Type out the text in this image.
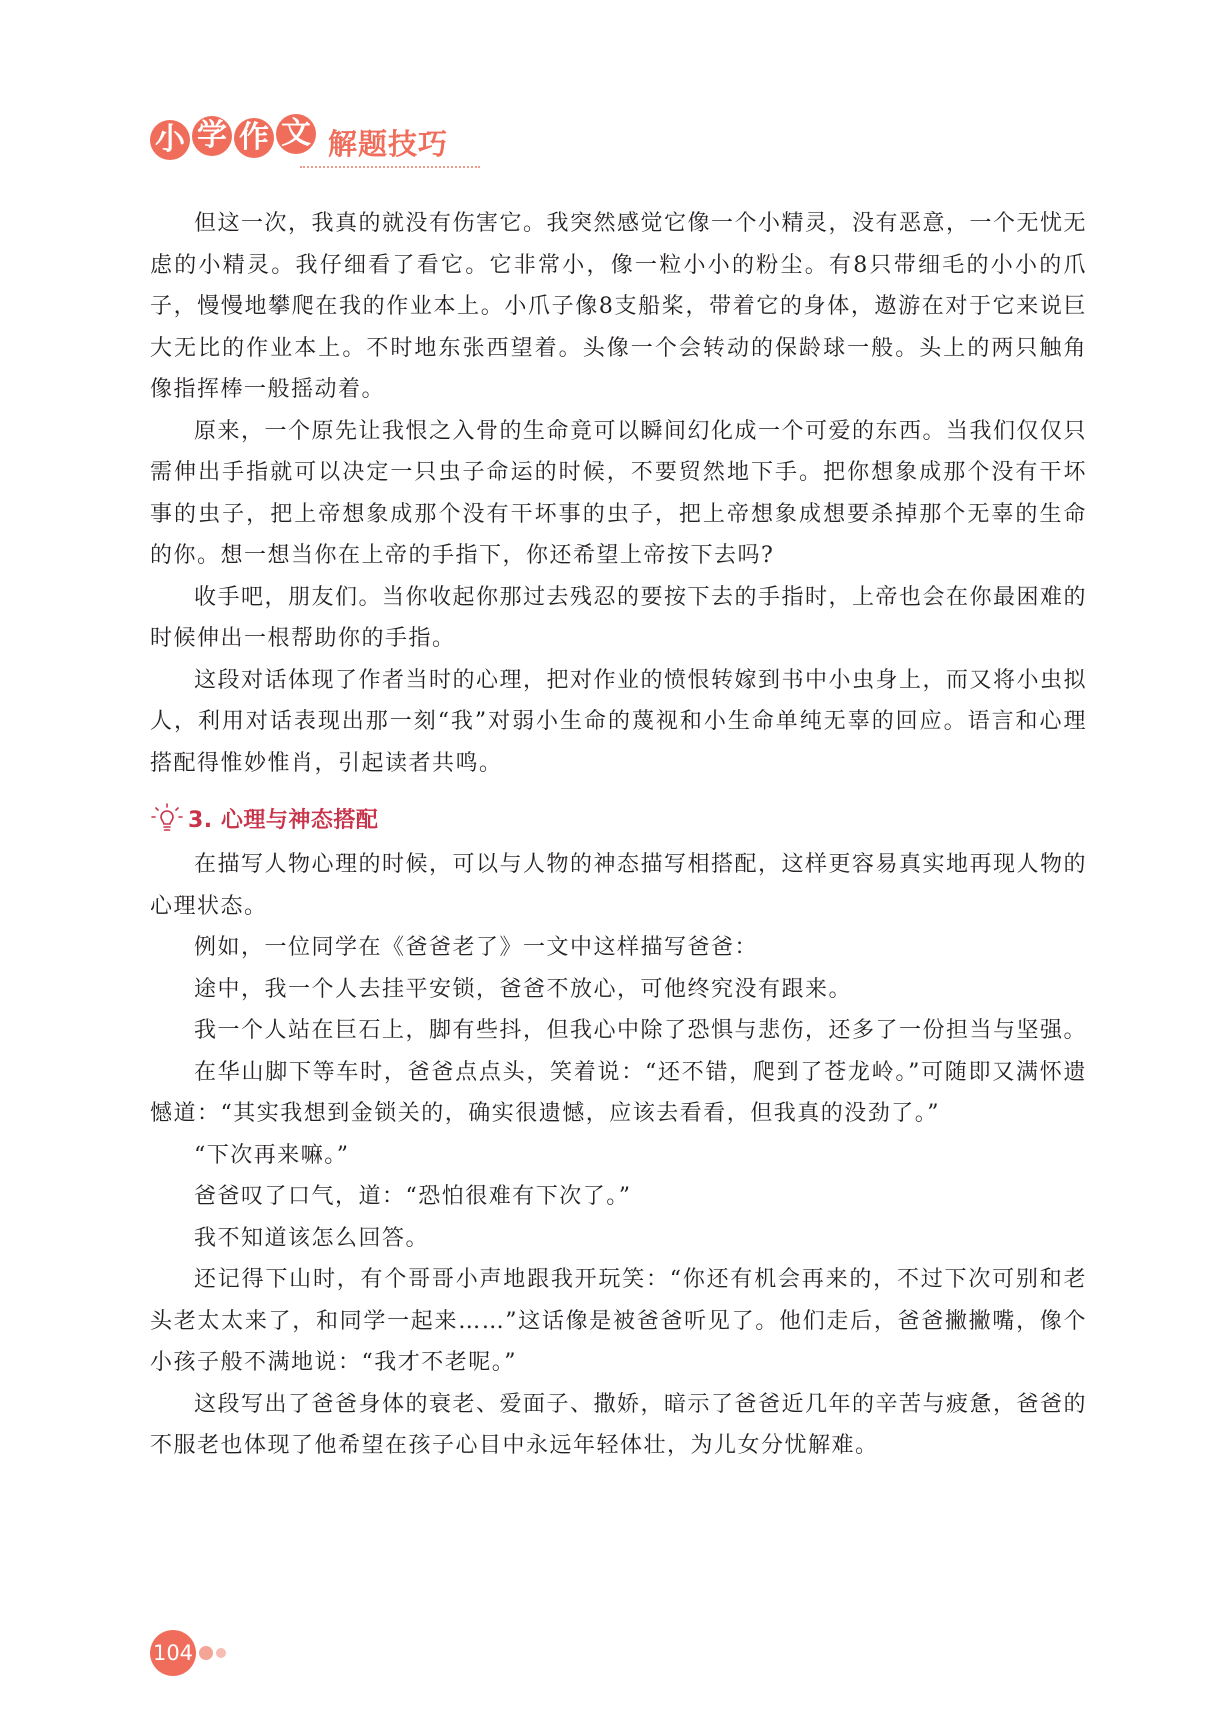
小 学 作 文 解题技巧

但这一次，我真的就没有伤害它。我突然感觉它像一个小精灵，没有恶意，一个无忧无虑的小精灵。我仔细看了看它。它非常小，像一粒小小的粉尘。有8只带细毛的小小的爪子，慢慢地攀爬在我的作业本上。小爪子像8支船桨，带着它的身体，遨游在对于它来说巨大无比的作业本上。不时地东张西望着。头像一个会转动的保龄球一般。头上的两只触角像指挥棒一般摇动着。

原来，一个原先让我恨之入骨的生命竟可以瞬间幻化成一个可爱的东西。当我们仅仅只需伸出手指就可以决定一只虫子命运的时候，不要贸然地下手。把你想象成那个没有干坏事的虫子，把上帝想象成那个没有干坏事的虫子，把上帝想象成想要杀掉那个无辜的生命的你。想一想当你在上帝的手指下，你还希望上帝按下去吗?

收手吧，朋友们。当你收起你那过去残忍的要按下去的手指时，上帝也会在你最困难的时候伸出一根帮助你的手指。

这段对话体现了作者当时的心理，把对作业的愤恨转嫁到书中小虫身上，而又将小虫拟人，利用对话表现出那一刻“我”对弱小生命的蔑视和小生命单纯无辜的回应。语言和心理搭配得惟妙惟肖，引起读者共鸣。

3. 心理与神态搭配

在描写人物心理的时候，可以与人物的神态描写相搭配，这样更容易真实地再现人物的心理状态。

例如，一位同学在《爸爸老了》一文中这样描写爸爸：

途中，我一个人去挂平安锁，爸爸不放心，可他终究没有跟来。

我一个人站在巨石上，脚有些抖，但我心中除了恐惧与悲伤，还多了一份担当与坚强。

在华山脚下等车时，爸爸点点头，笑着说：“还不错，爬到了苍龙岭。”可随即又满怀遗憾道：“其实我想到金锁关的，确实很遗憾，应该去看看，但我真的没劲了。”

“下次再来嘛。”

爸爸叹了口气，道：“恐怕很难有下次了。”

我不知道该怎么回答。

还记得下山时，有个哥哥小声地跟我开玩笑：“你还有机会再来的，不过下次可别和老头老太太来了，和同学一起来……”这话像是被爸爸听见了。他们走后，爸爸撇撇嘴，像个小孩子般不满地说：“我才不老呢。”

这段写出了爸爸身体的衰老、爱面子、撒娇，暗示了爸爸近几年的辛苦与疲惫，爸爸的不服老也体现了他希望在孩子心目中永远年轻体壮，为儿女分忧解难。

104
